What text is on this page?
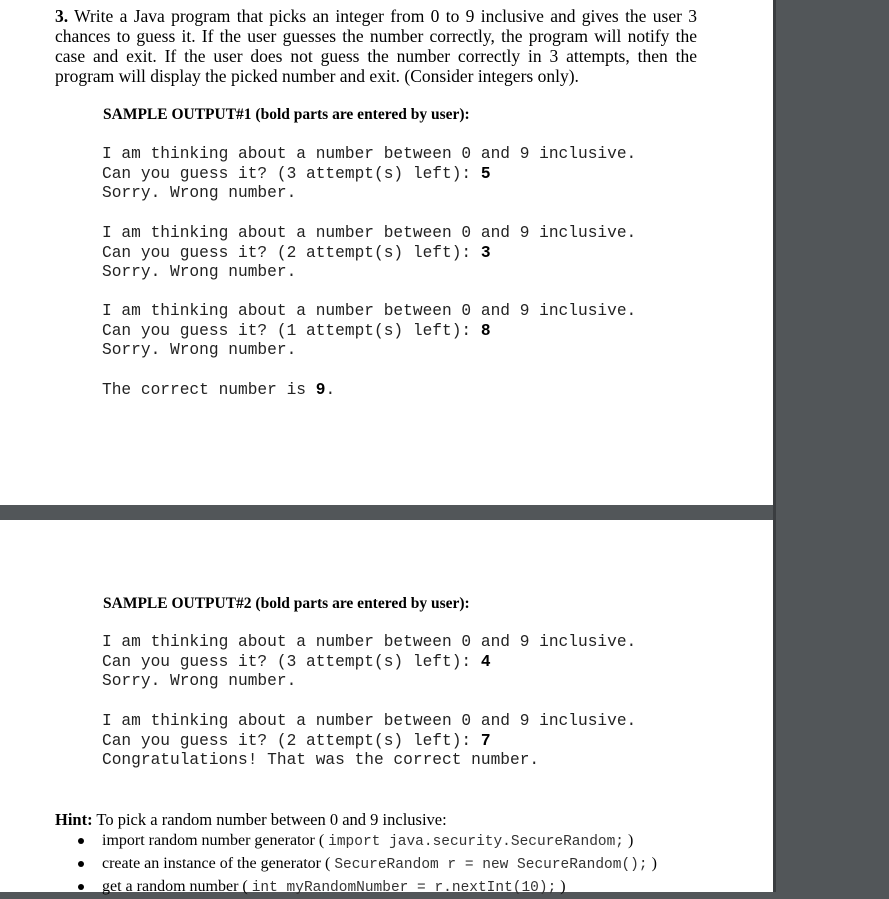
3. Write a Java program that picks an integer from 0 to 9 inclusive and gives the user 3 chances to guess it. If the user guesses the number correctly, the program will notify the case and exit. If the user does not guess the number correctly in 3 attempts, then the program will display the picked number and exit. (Consider integers only).
SAMPLE OUTPUT#1 (bold parts are entered by user):
I am thinking about a number between 0 and 9 inclusive.
Can you guess it? (3 attempt(s) left): 5
Sorry. Wrong number.
I am thinking about a number between 0 and 9 inclusive.
Can you guess it? (2 attempt(s) left): 3
Sorry. Wrong number.
I am thinking about a number between 0 and 9 inclusive.
Can you guess it? (1 attempt(s) left): 8
Sorry. Wrong number.
The correct number is 9.
SAMPLE OUTPUT#2 (bold parts are entered by user):
I am thinking about a number between 0 and 9 inclusive.
Can you guess it? (3 attempt(s) left): 4
Sorry. Wrong number.
I am thinking about a number between 0 and 9 inclusive.
Can you guess it? (2 attempt(s) left): 7
Congratulations! That was the correct number.
Hint: To pick a random number between 0 and 9 inclusive:
import random number generator ( import java.security.SecureRandom; )
create an instance of the generator ( SecureRandom r = new SecureRandom(); )
get a random number ( int myRandomNumber = r.nextInt(10); )
